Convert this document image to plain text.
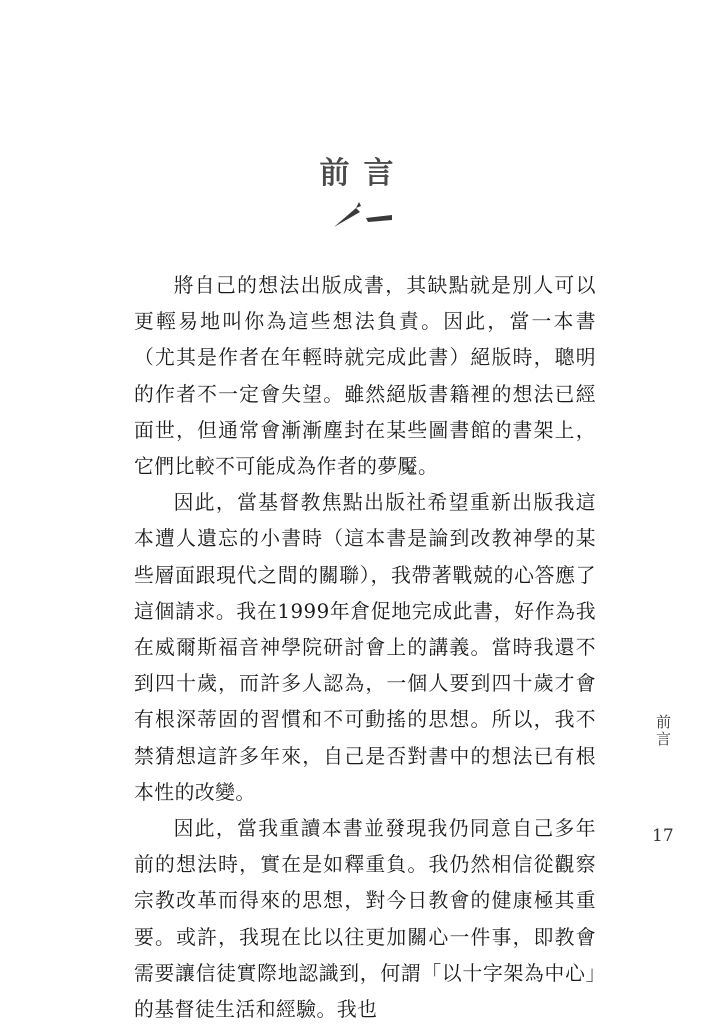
前言

將自己的想法出版成書，其缺點就是別人可以更輕易地叫你為這些想法負責。因此，當一本書（尤其是作者在年輕時就完成此書）絕版時，聰明的作者不一定會失望。雖然絕版書籍裡的想法已經面世，但通常會漸漸塵封在某些圖書館的書架上，它們比較不可能成為作者的夢魘。

因此，當基督教焦點出版社希望重新出版我這本遭人遺忘的小書時（這本書是論到改教神學的某些層面跟現代之間的關聯），我帶著戰兢的心答應了這個請求。我在1999年倉促地完成此書，好作為我在威爾斯福音神學院研討會上的講義。當時我還不到四十歲，而許多人認為，一個人要到四十歲才會有根深蒂固的習慣和不可動搖的思想。所以，我不禁猜想這許多年來，自己是否對書中的想法已有根本性的改變。

因此，當我重讀本書並發現我仍同意自己多年前的想法時，實在是如釋重負。我仍然相信從觀察宗教改革而得來的思想，對今日教會的健康極其重要。或許，我現在比以往更加關心一件事，即教會需要讓信徒實際地認識到，何謂「以十字架為中心」的基督徒生活和經驗。我也

前言
17
